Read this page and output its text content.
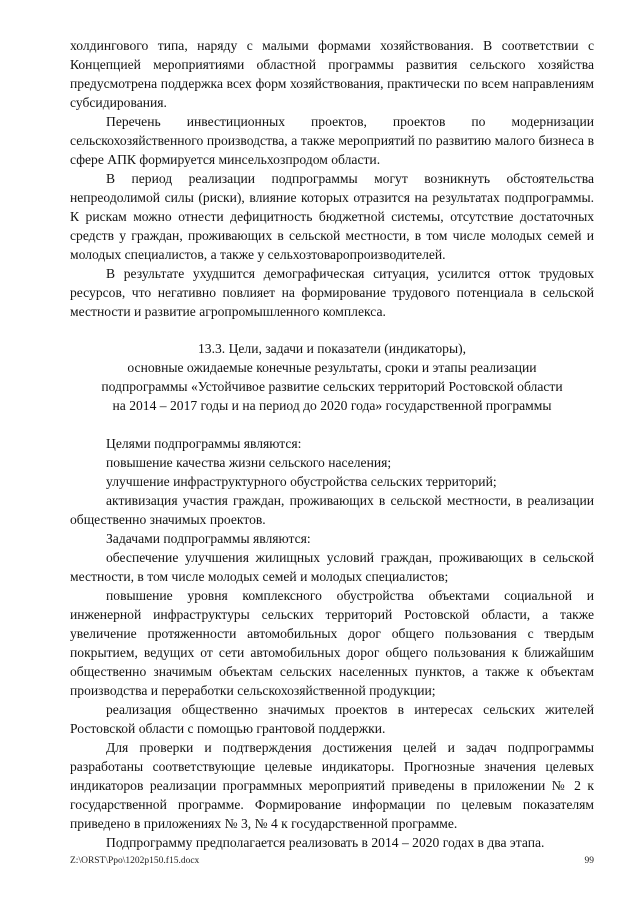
холдингового типа, наряду с малыми формами хозяйствования. В соответствии с Концепцией мероприятиями областной программы развития сельского хозяйства предусмотрена поддержка всех форм хозяйствования, практически по всем направлениям субсидирования.

Перечень инвестиционных проектов, проектов по модернизации сельскохозяйственного производства, а также мероприятий по развитию малого бизнеса в сфере АПК формируется минсельхозпродом области.

В период реализации подпрограммы могут возникнуть обстоятельства непреодолимой силы (риски), влияние которых отразится на результатах подпрограммы. К рискам можно отнести дефицитность бюджетной системы, отсутствие достаточных средств у граждан, проживающих в сельской местности, в том числе молодых семей и молодых специалистов, а также у сельхозтоваропроизводителей.

В результате ухудшится демографическая ситуация, усилится отток трудовых ресурсов, что негативно повлияет на формирование трудового потенциала в сельской местности и развитие агропромышленного комплекса.

13.3. Цели, задачи и показатели (индикаторы),
основные ожидаемые конечные результаты, сроки и этапы реализации
подпрограммы «Устойчивое развитие сельских территорий Ростовской области
на 2014 – 2017 годы и на период до 2020 года» государственной программы

Целями подпрограммы являются:

повышение качества жизни сельского населения;

улучшение инфраструктурного обустройства сельских территорий;

активизация участия граждан, проживающих в сельской местности, в реализации общественно значимых проектов.

Задачами подпрограммы являются:

обеспечение улучшения жилищных условий граждан, проживающих в сельской местности, в том числе молодых семей и молодых специалистов;

повышение уровня комплексного обустройства объектами социальной и инженерной инфраструктуры сельских территорий Ростовской области, а также увеличение протяженности автомобильных дорог общего пользования с твердым покрытием, ведущих от сети автомобильных дорог общего пользования к ближайшим общественно значимым объектам сельских населенных пунктов, а также к объектам производства и переработки сельскохозяйственной продукции;

реализация общественно значимых проектов в интересах сельских жителей Ростовской области с помощью грантовой поддержки.

Для проверки и подтверждения достижения целей и задач подпрограммы разработаны соответствующие целевые индикаторы. Прогнозные значения целевых индикаторов реализации программных мероприятий приведены в приложении № 2 к государственной программе. Формирование информации по целевым показателям приведено в приложениях № 3, № 4 к государственной программе.

Подпрограмму предполагается реализовать в 2014 – 2020 годах в два этапа.

Z:\ORST\Ppo\1202p150.f15.docx	99
